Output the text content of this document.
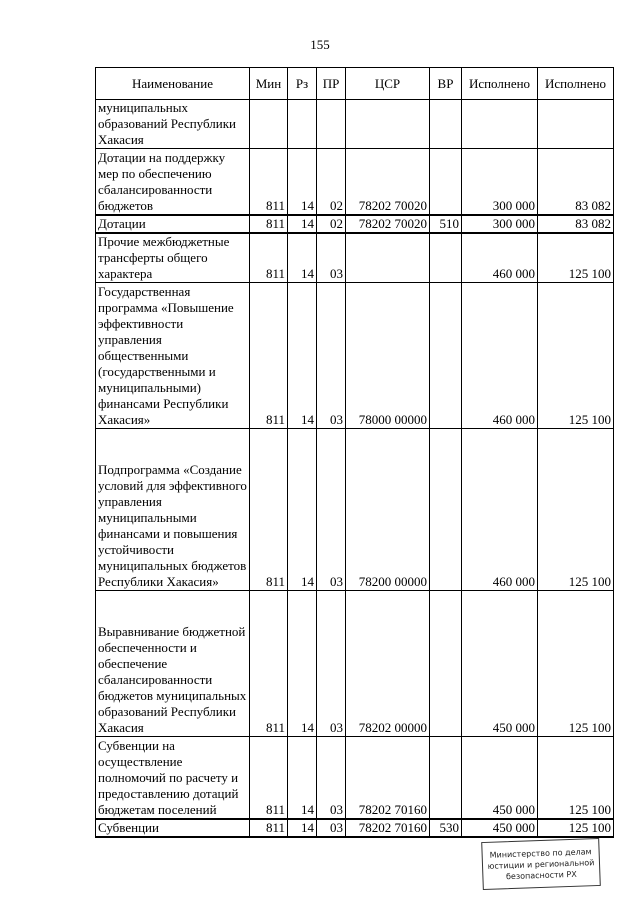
155
Наименование	Мин	Рз	ПР	ЦСР	ВР	Исполнено	Исполнено
муниципальных образований Республики Хакасия							
Дотации на поддержку мер по обеспечению сбалансированности бюджетов	811	14	02	78202 70020		300 000	83 082
Дотации	811	14	02	78202 70020	510	300 000	83 082
Прочие межбюджетные трансферты общего характера	811	14	03			460 000	125 100
Государственная программа «Повышение эффективности управления общественными (государственными и муниципальными) финансами Республики Хакасия»	811	14	03	78000 00000		460 000	125 100
Подпрограмма «Создание условий для эффективного управления муниципальными финансами и повышения устойчивости муниципальных бюджетов Республики Хакасия»	811	14	03	78200 00000		460 000	125 100
Выравнивание бюджетной обеспеченности и обеспечение сбалансированности бюджетов муниципальных образований Республики Хакасия	811	14	03	78202 00000		450 000	125 100
Субвенции на осуществление полномочий по расчету и предоставлению дотаций бюджетам поселений	811	14	03	78202 70160		450 000	125 100
Субвенции	811	14	03	78202 70160	530	450 000	125 100
Министерство по делам
юстиции и региональной
безопасности РХ
